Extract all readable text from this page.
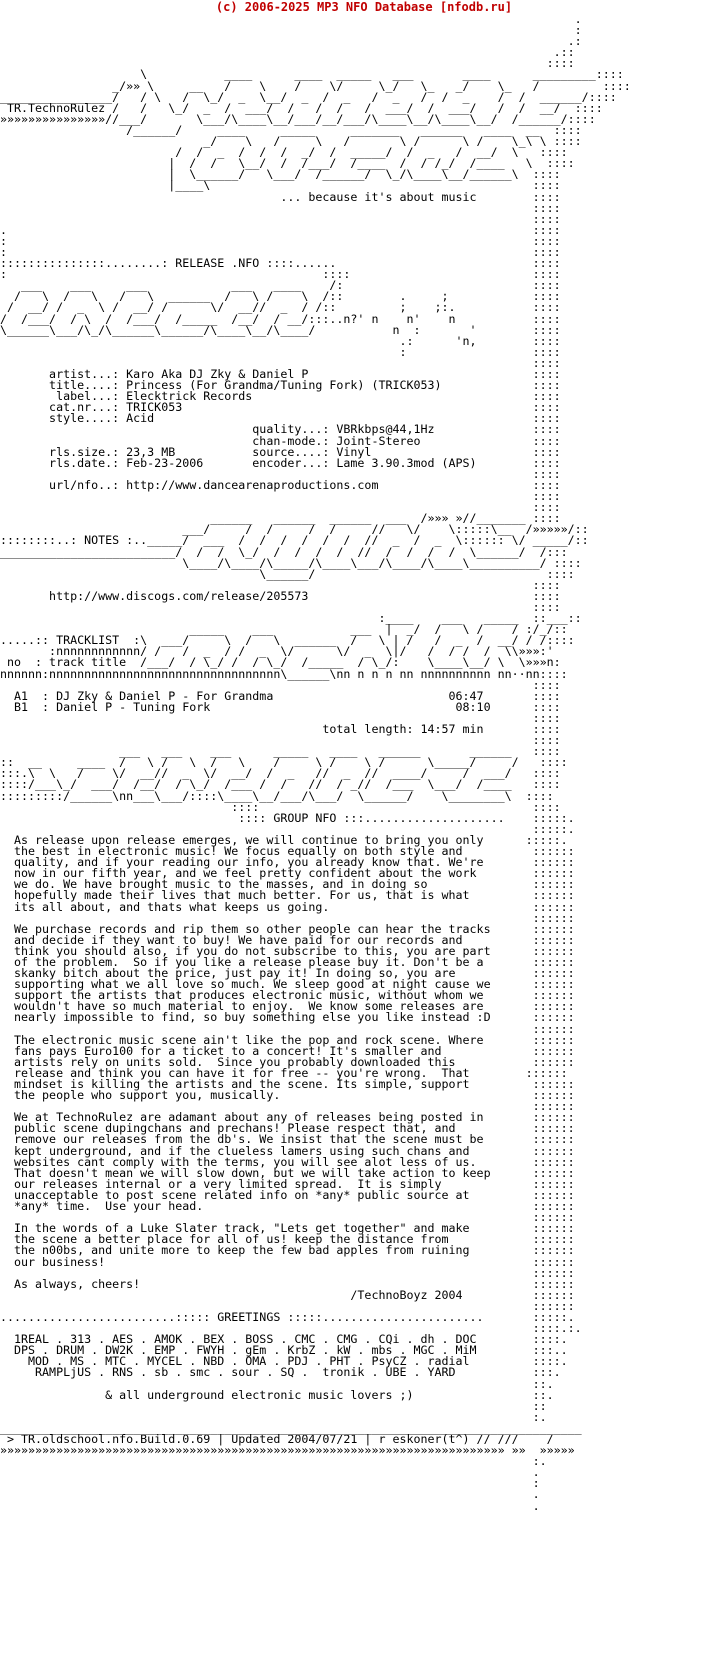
(c) 2006-2025 MP3 NFO Database [nfodb.ru]
.
:
.:
.::
::::
\           ____      ____  _____   ___       ____      _________::::
_/»» \     __   /    \    /    \/     \_/   \_   _/    \_   /         ::::
________________/   / \   /  \_/  _  \__/  _  /  _   /  _   /  /  _    /  /  ______/::::
TR.TechnoRulez /   /   \_/  _  /  ___/  /   /  /   /  ___/  /  ___/   /  /  __/  ::::
»»»»»»»»»»»»»»»//___/       \___/\____\__/___/__/___/\____\__/\____\__/  /______/::::
/______/     ____     _____     _______   ______   ____  __  ::::
_/    \   /     \   /       \ /      \ /    \_\ \ ::::
/  /  _  /  /  /  _/  /  _____/  /  _   /  __/  \   ::::
|  /  /   \__/  /  /___/  /____  /  / /_/  /____   \  ::::
|  \______/   \___/  /______/  \_/\____\__/______\  ::::
|____\                                              ::::
... because it's about music        ::::
::::
::::
.                                                                           ::::
:                                                                           ::::
:                                                                           ::::
:::::::::::::::........: RELEASE .NFO ::::......                            ::::
:                                             ::::                          ::::
___    ___     ___            ___   ____    /:                           ::::
/   \  /   \   /   \  ______  /   \ /    \  /::        .     ;            ::::
/  __/ /  _  \ /  __/ /      \/  __//  _  / /::         ;    ;:.           ::::
/  /___/  / \  /  /___/  /_____  /__/  / __/:::..n?' n    n'    n           ::::
\______\___/\_/\______\______/\____\__/\____/           n  :       '        ::::
.:      'n,        ::::
:                  ::::
::::
artist...: Karo Aka DJ Zky & Daniel P                                ::::
title....: Princess (For Grandma/Tuning Fork) (TRICK053)             ::::
label...: Elecktrick Records                                        ::::
cat.nr...: TRICK053                                                  ::::
style....: Acid                                                      ::::
quality...: VBRkbps@44,1Hz              ::::
chan-mode.: Joint-Stereo                ::::
rls.size.: 23,3 MB           source....: Vinyl                       ::::
rls.date.: Feb-23-2006       encoder...: Lame 3.90.3mod (APS)        ::::
::::
url/nfo..: http://www.dancearenaproductions.com                      ::::
::::
::::
______   ______  ______  ___  /»»» »//_______ ::::
___/     /  /     /  /     //   \/    \:::::\__  /»»»»»/::
::::::::..: NOTES :.._____/  ___  /  /  /  /  /  /  //  _  /  _  \:::::: \/ _____/::
_________________________/  /  /  \_/  /  /  /  /  //  /  /  /  /  \______/  /:::
\____/\____/\_____/\____\___/\____/\____\__________/ ::::
\______/                                 ::::
::::
http://www.discogs.com/release/205573                                ::::
::::
:____    ___   _____  ::___::
_____    ___           ___  |  _/  /   \ /    / :/_/::
.....:: TRACKLIST  :\  ___/     \  /   \  ______  /   \ | /   /  _  /  __/ / /::::
:nnnnnnnnnnnn/ /   /  _  / /  _  \/      \/  _  \|/   /  / /  /  \\»»»:'
no  : track title  /___/  / \_/ /  / \_/  /_____  / \_/:    \____\__/ \  \»»»n:
nnnnnn:nnnnnnnnnnnnnnnnnnnnnnnnnnnnnnnnn\______\nn n n n nn nnnnnnnnnn nn··nn::::
::::
A1  : DJ Zky & Daniel P - For Grandma                         06:47       ::::
B1  : Daniel P - Tuning Fork                                   08:10      ::::
::::
total length: 14:57 min       ::::
::::
___   ___    ___      _____   ____   ______       ______   ::::
::  __     ____  /   \ /   \  /   \    /     \ /    \ /      \_____/     /   ::::
:::.\  \   /    \/  __//  _  \/  __/  /  _   //  _  //  ____/     /  ___/   ::::
::::/___\_/  ___/  /__/  / \_/  /___ /  /   //  / _//  /___  \___/  /____   ::::
:::::::::/______\nn___\___/::::\____\__/___/\___/  \______/    \________\  ::::
::::                                       ::::
:::: GROUP NFO :::....................    :::::.
:::::.
As release upon release emerges, we will continue to bring you only      :::::.
the best in electronic music! We focus equally on both style and          ::::::
quality, and if your reading our info, you already know that. We're       ::::::
now in our fifth year, and we feel pretty confident about the work        ::::::
we do. We have brought music to the masses, and in doing so               ::::::
hopefully made their lives that much better. For us, that is what         ::::::
its all about, and thats what keeps us going.                             ::::::
::::::
We purchase records and rip them so other people can hear the tracks      ::::::
and decide if they want to buy! We have paid for our records and          ::::::
think you should also, if you do not subscribe to this, you are part      ::::::
of the problem.  So if you like a release please buy it. Don't be a       ::::::
skanky bitch about the price, just pay it! In doing so, you are           ::::::
supporting what we all love so much. We sleep good at night cause we      ::::::
support the artists that produces electronic music, without whom we       ::::::
wouldn't have so much material to enjoy.  We know some releases are       ::::::
nearly impossible to find, so buy something else you like instead :D      ::::::
::::::
The electronic music scene ain't like the pop and rock scene. Where       ::::::
fans pays Euro100 for a ticket to a concert! It's smaller and             ::::::
artists rely on units sold.  Since you probably downloaded this           ::::::
release and think you can have it for free -- you're wrong.  That        ::::::
mindset is killing the artists and the scene. Its simple, support         ::::::
the people who support you, musically.                                    ::::::
::::::
We at TechnoRulez are adamant about any of releases being posted in       ::::::
public scene dupingchans and prechans! Please respect that, and           ::::::
remove our releases from the db's. We insist that the scene must be       ::::::
kept underground, and if the clueless lamers using such chans and         ::::::
websites cant comply with the terms, you will see alot less of us.        ::::::
That doesn't mean we will slow down, but we will take action to keep      ::::::
our releases internal or a very limited spread.  It is simply             ::::::
unacceptable to post scene related info on *any* public source at         ::::::
*any* time.  Use your head.                                               ::::::
::::::
In the words of a Luke Slater track, "Lets get together" and make         ::::::
the scene a better place for all of us! keep the distance from            ::::::
the n00bs, and unite more to keep the few bad apples from ruining         ::::::
our business!                                                             ::::::
::::::
As always, cheers!                                                        ::::::
/TechnoBoyz 2004          ::::::
::::::
.........................::::: GREETINGS :::::.......................       :::::.
::::.:.
1REAL . 313 . AES . AMOK . BEX . BOSS . CMC . CMG . CQi . dh . DOC        ::::.
DPS . DRUM . DW2K . EMP . FWYH . gEm . KrbZ . kW . mbs . MGC . MiM        :::..
MOD . MS . MTC . MYCEL . NBD . OMA . PDJ . PHT . PsyCZ . radial         ::::.
RAMPLjUS . RNS . sb . smc . sour . SQ .  tronik . UBE . YARD           :::.
::.
& all underground electronic music lovers ;)                 ::.
::
:.
___________________________________________________________________________________
> TR.oldschool.nfo.Build.0.69 | Updated 2004/07/21 | r eskoner(t^) // ///    /
»»»»»»»»»»»»»»»»»»»»»»»»»»»»»»»»»»»»»»»»»»»»»»»»»»»»»»»»»»»»»»»»»»»»»»»» »»  »»»»»
:.
.
:
.
.
